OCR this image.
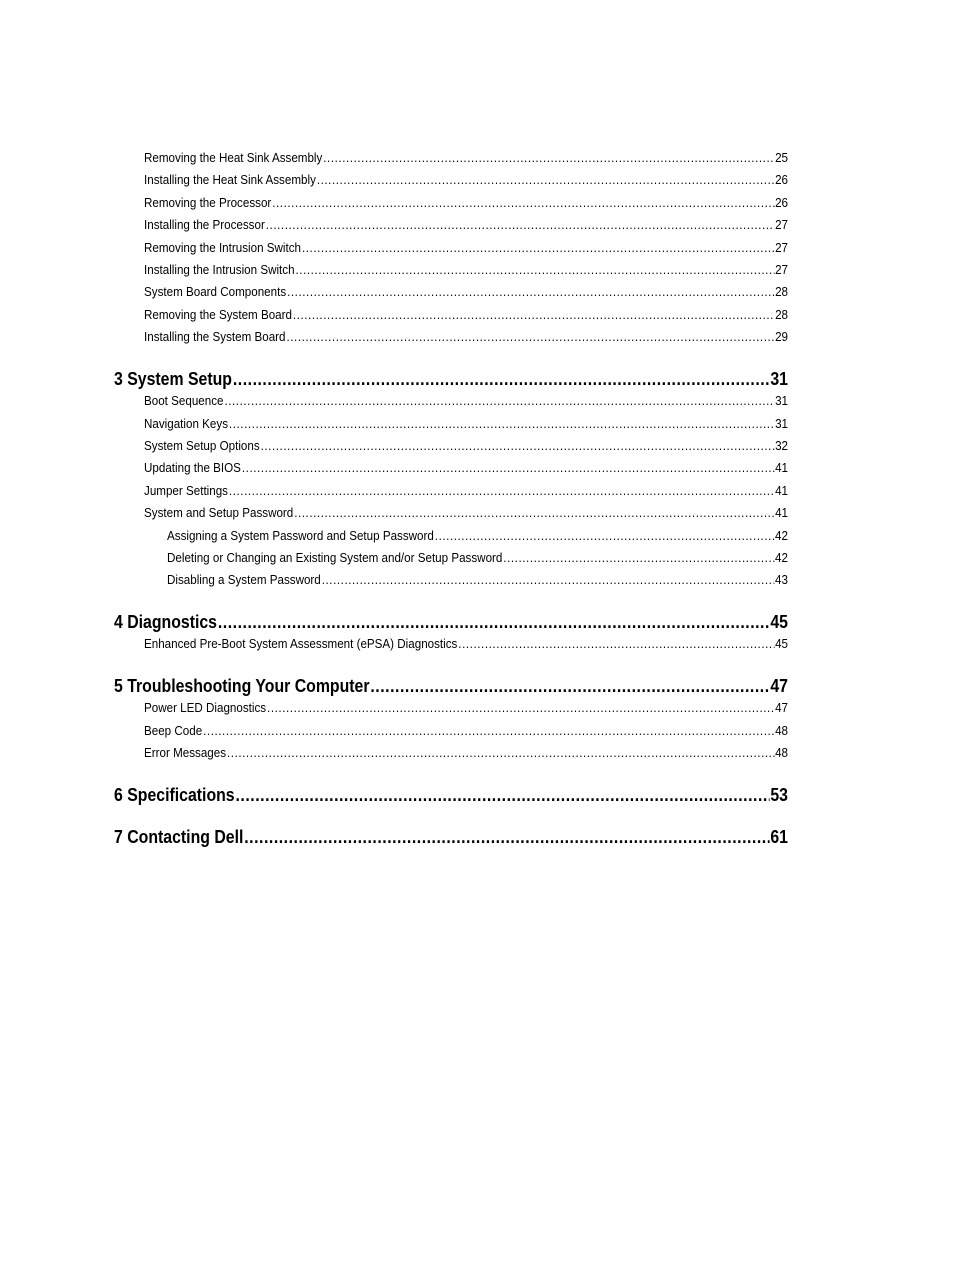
Removing the Heat Sink Assembly .....	25
Installing the Heat Sink Assembly .....	26
Removing the Processor .....	26
Installing the Processor .....	27
Removing the Intrusion Switch .....	27
Installing the Intrusion Switch .....	27
System Board Components .....	28
Removing the System Board .....	28
Installing the System Board .....	29
3 System Setup .....	31
Boot Sequence .....	31
Navigation Keys .....	31
System Setup Options .....	32
Updating the BIOS .....	41
Jumper Settings .....	41
System and Setup Password .....	41
Assigning a System Password and Setup Password .....	42
Deleting or Changing an Existing System and/or Setup Password .....	42
Disabling a System Password .....	43
4 Diagnostics .....	45
Enhanced Pre-Boot System Assessment (ePSA) Diagnostics .....	45
5 Troubleshooting Your Computer .....	47
Power LED Diagnostics .....	47
Beep Code .....	48
Error Messages .....	48
6 Specifications .....	53
7 Contacting Dell .....	61
